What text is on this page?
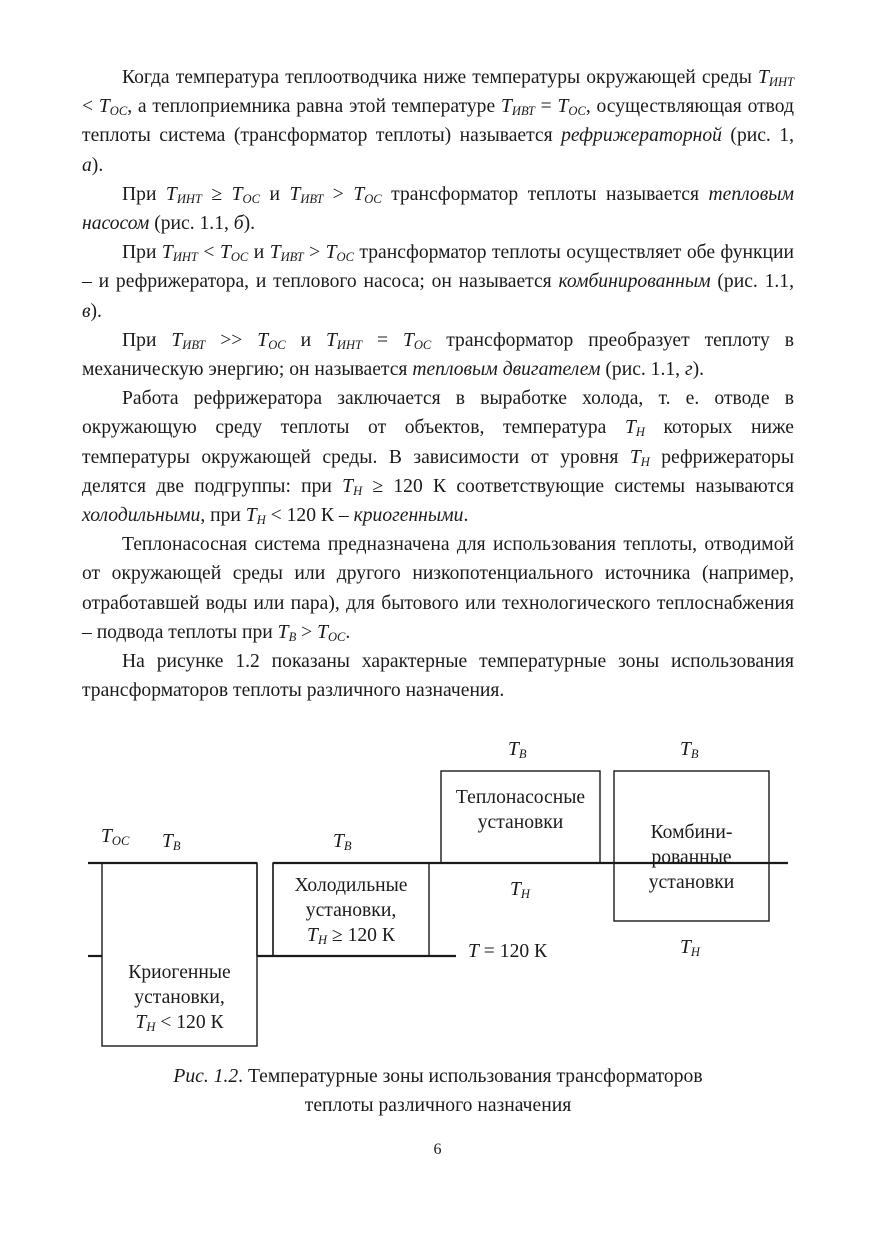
Когда температура теплоотводчика ниже температуры окружающей среды $T_{ИНТ} < T_{ОС}$, а теплоприемника равна этой температуре $T_{ИВТ} = T_{ОС}$, осуществляющая отвод теплоты система (трансформатор теплоты) называется рефрижераторной (рис. 1, а).

При $T_{ИНТ} \ge T_{ОС}$ и $T_{ИВТ} > T_{ОС}$ трансформатор теплоты называется тепловым насосом (рис. 1.1, б).

При $T_{ИНТ} < T_{ОС}$ и $T_{ИВТ} > T_{ОС}$ трансформатор теплоты осуществляет обе функции – и рефрижератора, и теплового насоса; он называется комбинированным (рис. 1.1, в).

При $T_{ИВТ} >> T_{ОС}$ и $T_{ИНТ} = T_{ОС}$ трансформатор преобразует теплоту в механическую энергию; он называется тепловым двигателем (рис. 1.1, г).

Работа рефрижератора заключается в выработке холода, т. е. отводе в окружающую среду теплоты от объектов, температура $T_Н$ которых ниже температуры окружающей среды. В зависимости от уровня $T_Н$ рефрижераторы делятся две подгруппы: при $T_Н \ge 120$ К соответствующие системы называются холодильными, при $T_Н < 120$ К – криогенными.

Теплонасосная система предназначена для использования теплоты, отводимой от окружающей среды или другого низкопотенциального источника (например, отработавшей воды или пара), для бытового или технологического теплоснабжения – подвода теплоты при $T_В > T_{ОС}$.

На рисунке 1.2 показаны характерные температурные зоны использования трансформаторов теплоты различного назначения.

$T_{ОС}$ $T_В$	$T_В$
$T_В$	$T_В$
$T_Н$
$T_Н$
T = 120 К
Криогенные
установки,
$T_Н < 120$ К
Холодильные
установки,
$T_Н \ge 120$ К
Теплонасосные
установки	Комбини-
рованные
установки
Рис. 1.2. Температурные зоны использования трансформаторов
теплоты различного назначения
6
